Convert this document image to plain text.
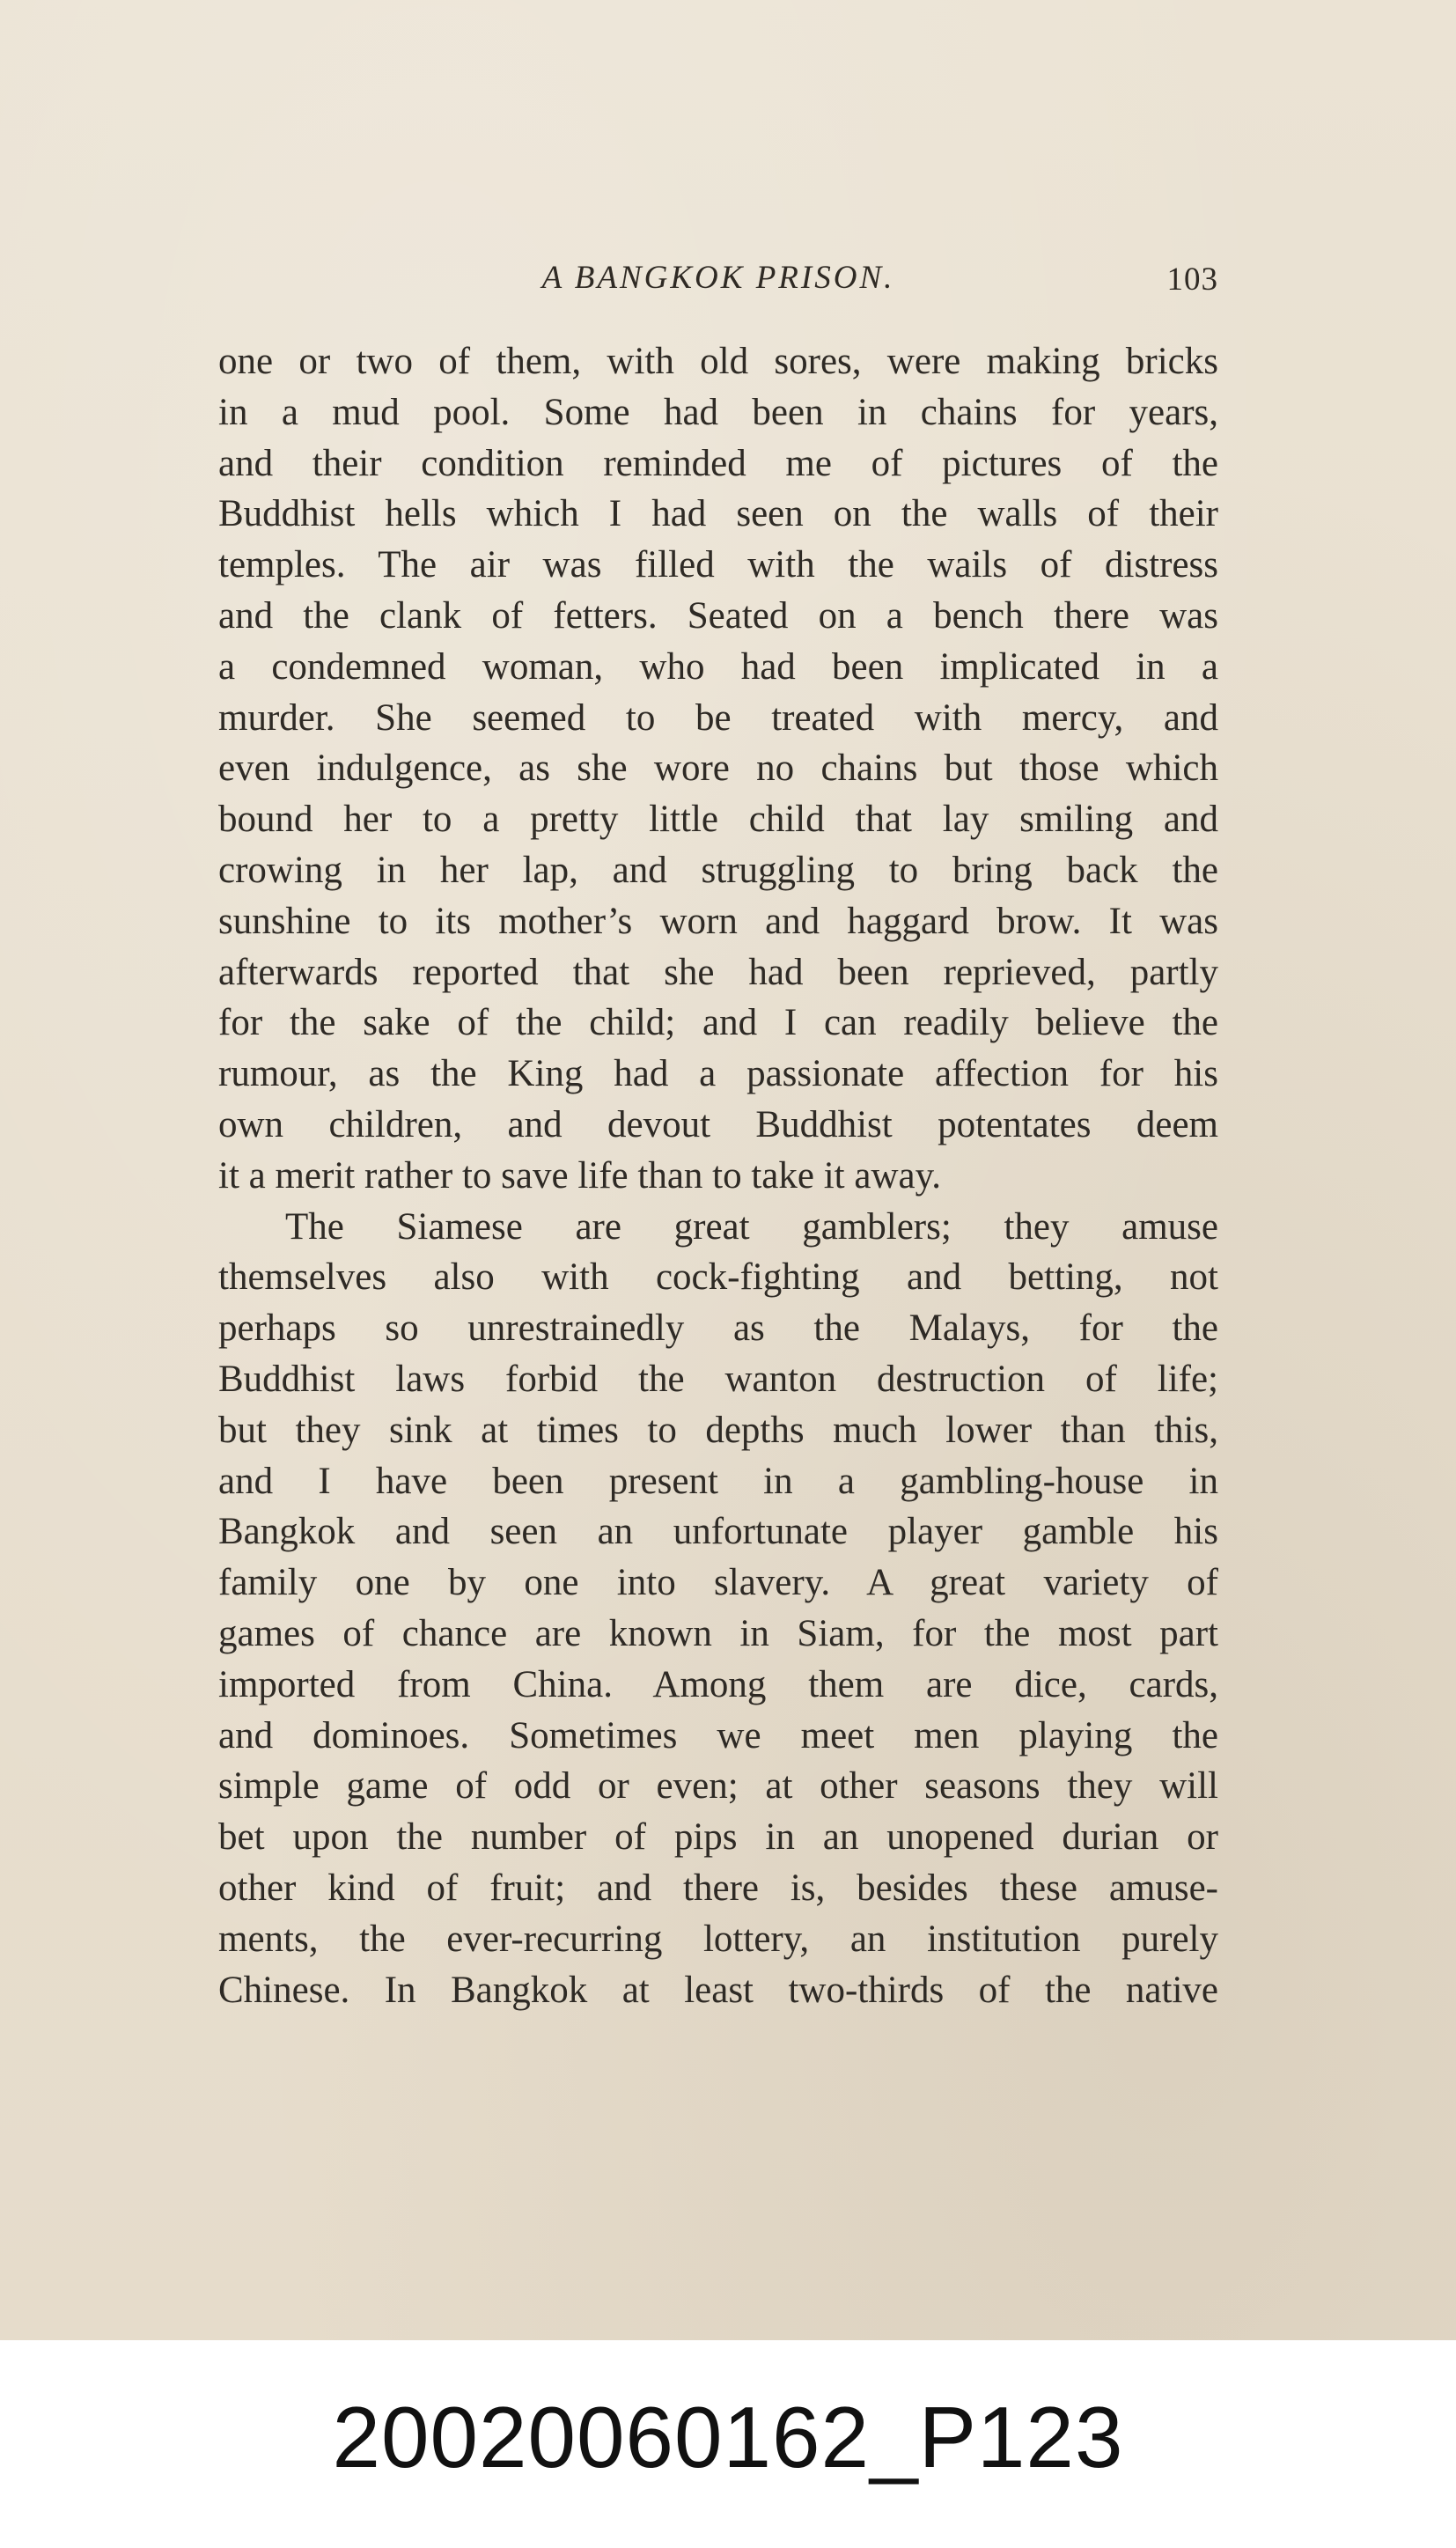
A BANGKOK PRISON.	103
one or two of them, with old sores, were making bricks
in a mud pool. Some had been in chains for years,
and their condition reminded me of pictures of the
Buddhist hells which I had seen on the walls of their
temples. The air was filled with the wails of distress
and the clank of fetters. Seated on a bench there was
a condemned woman, who had been implicated in a
murder. She seemed to be treated with mercy, and
even indulgence, as she wore no chains but those which
bound her to a pretty little child that lay smiling and
crowing in her lap, and struggling to bring back the
sunshine to its mother’s worn and haggard brow. It was
afterwards reported that she had been reprieved, partly
for the sake of the child; and I can readily believe the
rumour, as the King had a passionate affection for his
own children, and devout Buddhist potentates deem
it a merit rather to save life than to take it away.
The Siamese are great gamblers; they amuse
themselves also with cock-fighting and betting, not
perhaps so unrestrainedly as the Malays, for the
Buddhist laws forbid the wanton destruction of life;
but they sink at times to depths much lower than this,
and I have been present in a gambling-house in
Bangkok and seen an unfortunate player gamble his
family one by one into slavery. A great variety of
games of chance are known in Siam, for the most part
imported from China. Among them are dice, cards,
and dominoes. Sometimes we meet men playing the
simple game of odd or even; at other seasons they will
bet upon the number of pips in an unopened durian or
other kind of fruit; and there is, besides these amuse-
ments, the ever-recurring lottery, an institution purely
Chinese. In Bangkok at least two-thirds of the native
20020060162_P123
